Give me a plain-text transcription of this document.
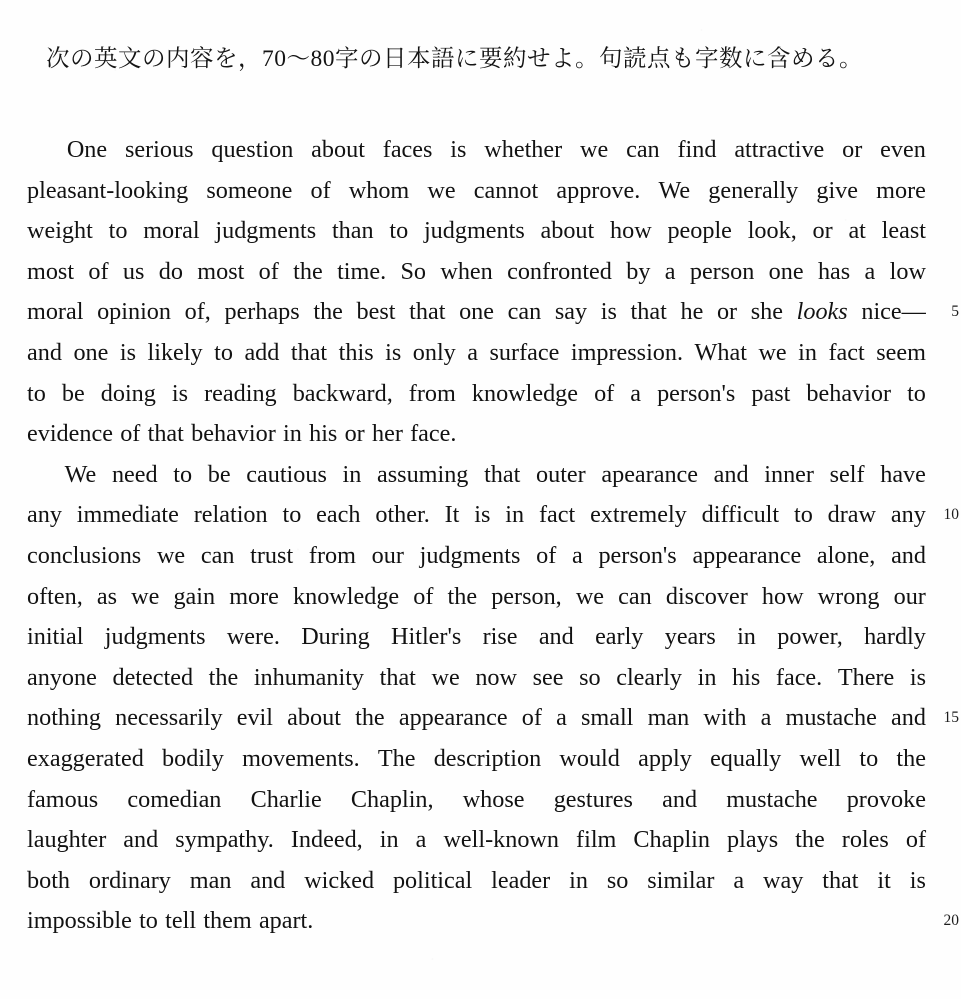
次の英文の内容を，70〜80字の日本語に要約せよ。句読点も字数に含める。
One serious question about faces is whether we can find attractive or even
pleasant-looking someone of whom we cannot approve. We generally give more
weight to moral judgments than to judgments about how people look, or at least
most of us do most of the time. So when confronted by a person one has a low
moral opinion of, perhaps the best that one can say is that he or she looks nice—
and one is likely to add that this is only a surface impression. What we in fact seem
to be doing is reading backward, from knowledge of a person's past behavior to
evidence of that behavior in his or her face.
We need to be cautious in assuming that outer apearance and inner self have
any immediate relation to each other. It is in fact extremely difficult to draw any
conclusions we can trust from our judgments of a person's appearance alone, and
often, as we gain more knowledge of the person, we can discover how wrong our
initial judgments were. During Hitler's rise and early years in power, hardly
anyone detected the inhumanity that we now see so clearly in his face. There is
nothing necessarily evil about the appearance of a small man with a mustache and
exaggerated bodily movements. The description would apply equally well to the
famous comedian Charlie Chaplin, whose gestures and mustache provoke
laughter and sympathy. Indeed, in a well-known film Chaplin plays the roles of
both ordinary man and wicked political leader in so similar a way that it is
impossible to tell them apart.
5
10
15
20
